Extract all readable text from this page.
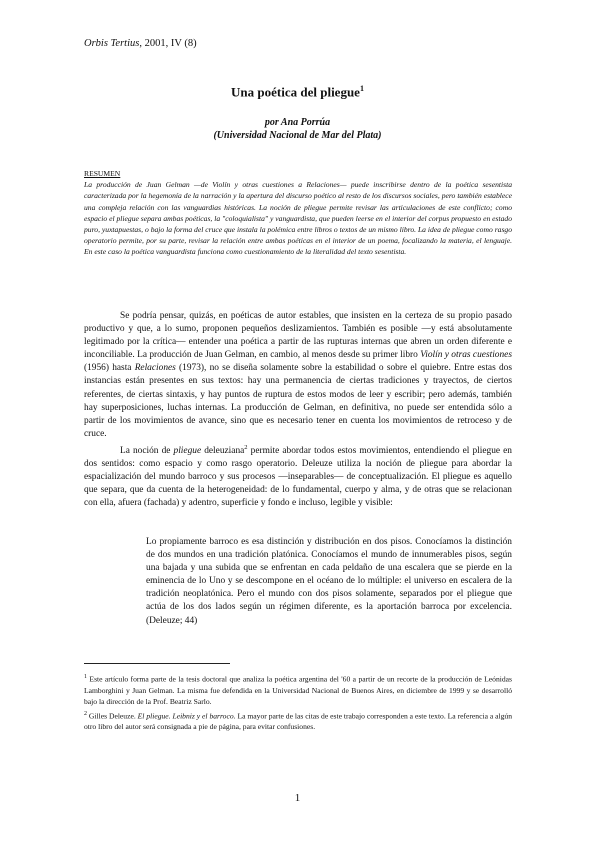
Orbis Tertius, 2001, IV (8)
Una poética del pliegue$^1$
por Ana Porrúa
(Universidad Nacional de Mar del Plata)
RESUMEN
La producción de Juan Gelman —de Violín y otras cuestiones a Relaciones— puede inscribirse dentro de la poética sesentista caracterizada por la hegemonía de la narración y la apertura del discurso poético al resto de los discursos sociales, pero también establece una compleja relación con las vanguardias históricas. La noción de pliegue permite revisar las articulaciones de este conflicto; como espacio el pliegue separa ambas poéticas, la "coloquialista" y vanguardista, que pueden leerse en el interior del corpus propuesto en estado puro, yuxtapuestas, o bajo la forma del cruce que instala la polémica entre libros o textos de un mismo libro. La idea de pliegue como rasgo operatorio permite, por su parte, revisar la relación entre ambas poéticas en el interior de un poema, focalizando la materia, el lenguaje. En este caso la poética vanguardista funciona como cuestionamiento de la literalidad del texto sesentista.

Se podría pensar, quizás, en poéticas de autor estables, que insisten en la certeza de su propio pasado productivo y que, a lo sumo, proponen pequeños deslizamientos. También es posible —y está absolutamente legitimado por la crítica— entender una poética a partir de las rupturas internas que abren un orden diferente e inconciliable. La producción de Juan Gelman, en cambio, al menos desde su primer libro Violín y otras cuestiones (1956) hasta Relaciones (1973), no se diseña solamente sobre la estabilidad o sobre el quiebre. Entre estas dos instancias están presentes en sus textos: hay una permanencia de ciertas tradiciones y trayectos, de ciertos referentes, de ciertas sintaxis, y hay puntos de ruptura de estos modos de leer y escribir; pero además, también hay superposiciones, luchas internas. La producción de Gelman, en definitiva, no puede ser entendida sólo a partir de los movimientos de avance, sino que es necesario tener en cuenta los movimientos de retroceso y de cruce.

La noción de pliegue deleuziana$^2$ permite abordar todos estos movimientos, entendiendo el pliegue en dos sentidos: como espacio y como rasgo operatorio. Deleuze utiliza la noción de pliegue para abordar la espacialización del mundo barroco y sus procesos —inseparables— de conceptualización. El pliegue es aquello que separa, que da cuenta de la heterogeneidad: de lo fundamental, cuerpo y alma, y de otras que se relacionan con ella, afuera (fachada) y adentro, superficie y fondo e incluso, legible y visible:

Lo propiamente barroco es esa distinción y distribución en dos pisos. Conocíamos la distinción de dos mundos en una tradición platónica. Conocíamos el mundo de innumerables pisos, según una bajada y una subida que se enfrentan en cada peldaño de una escalera que se pierde en la eminencia de lo Uno y se descompone en el océano de lo múltiple: el universo en escalera de la tradición neoplatónica. Pero el mundo con dos pisos solamente, separados por el pliegue que actúa de los dos lados según un régimen diferente, es la aportación barroca por excelencia. (Deleuze; 44)

$^1$ Este artículo forma parte de la tesis doctoral que analiza la poética argentina del '60 a partir de un recorte de la producción de Leónidas Lamborghini y Juan Gelman. La misma fue defendida en la Universidad Nacional de Buenos Aires, en diciembre de 1999 y se desarrolló bajo la dirección de la Prof. Beatriz Sarlo.

$^2$ Gilles Deleuze. El pliegue. Leibniz y el barroco. La mayor parte de las citas de este trabajo corresponden a este texto. La referencia a algún otro libro del autor será consignada a pie de página, para evitar confusiones.

1
